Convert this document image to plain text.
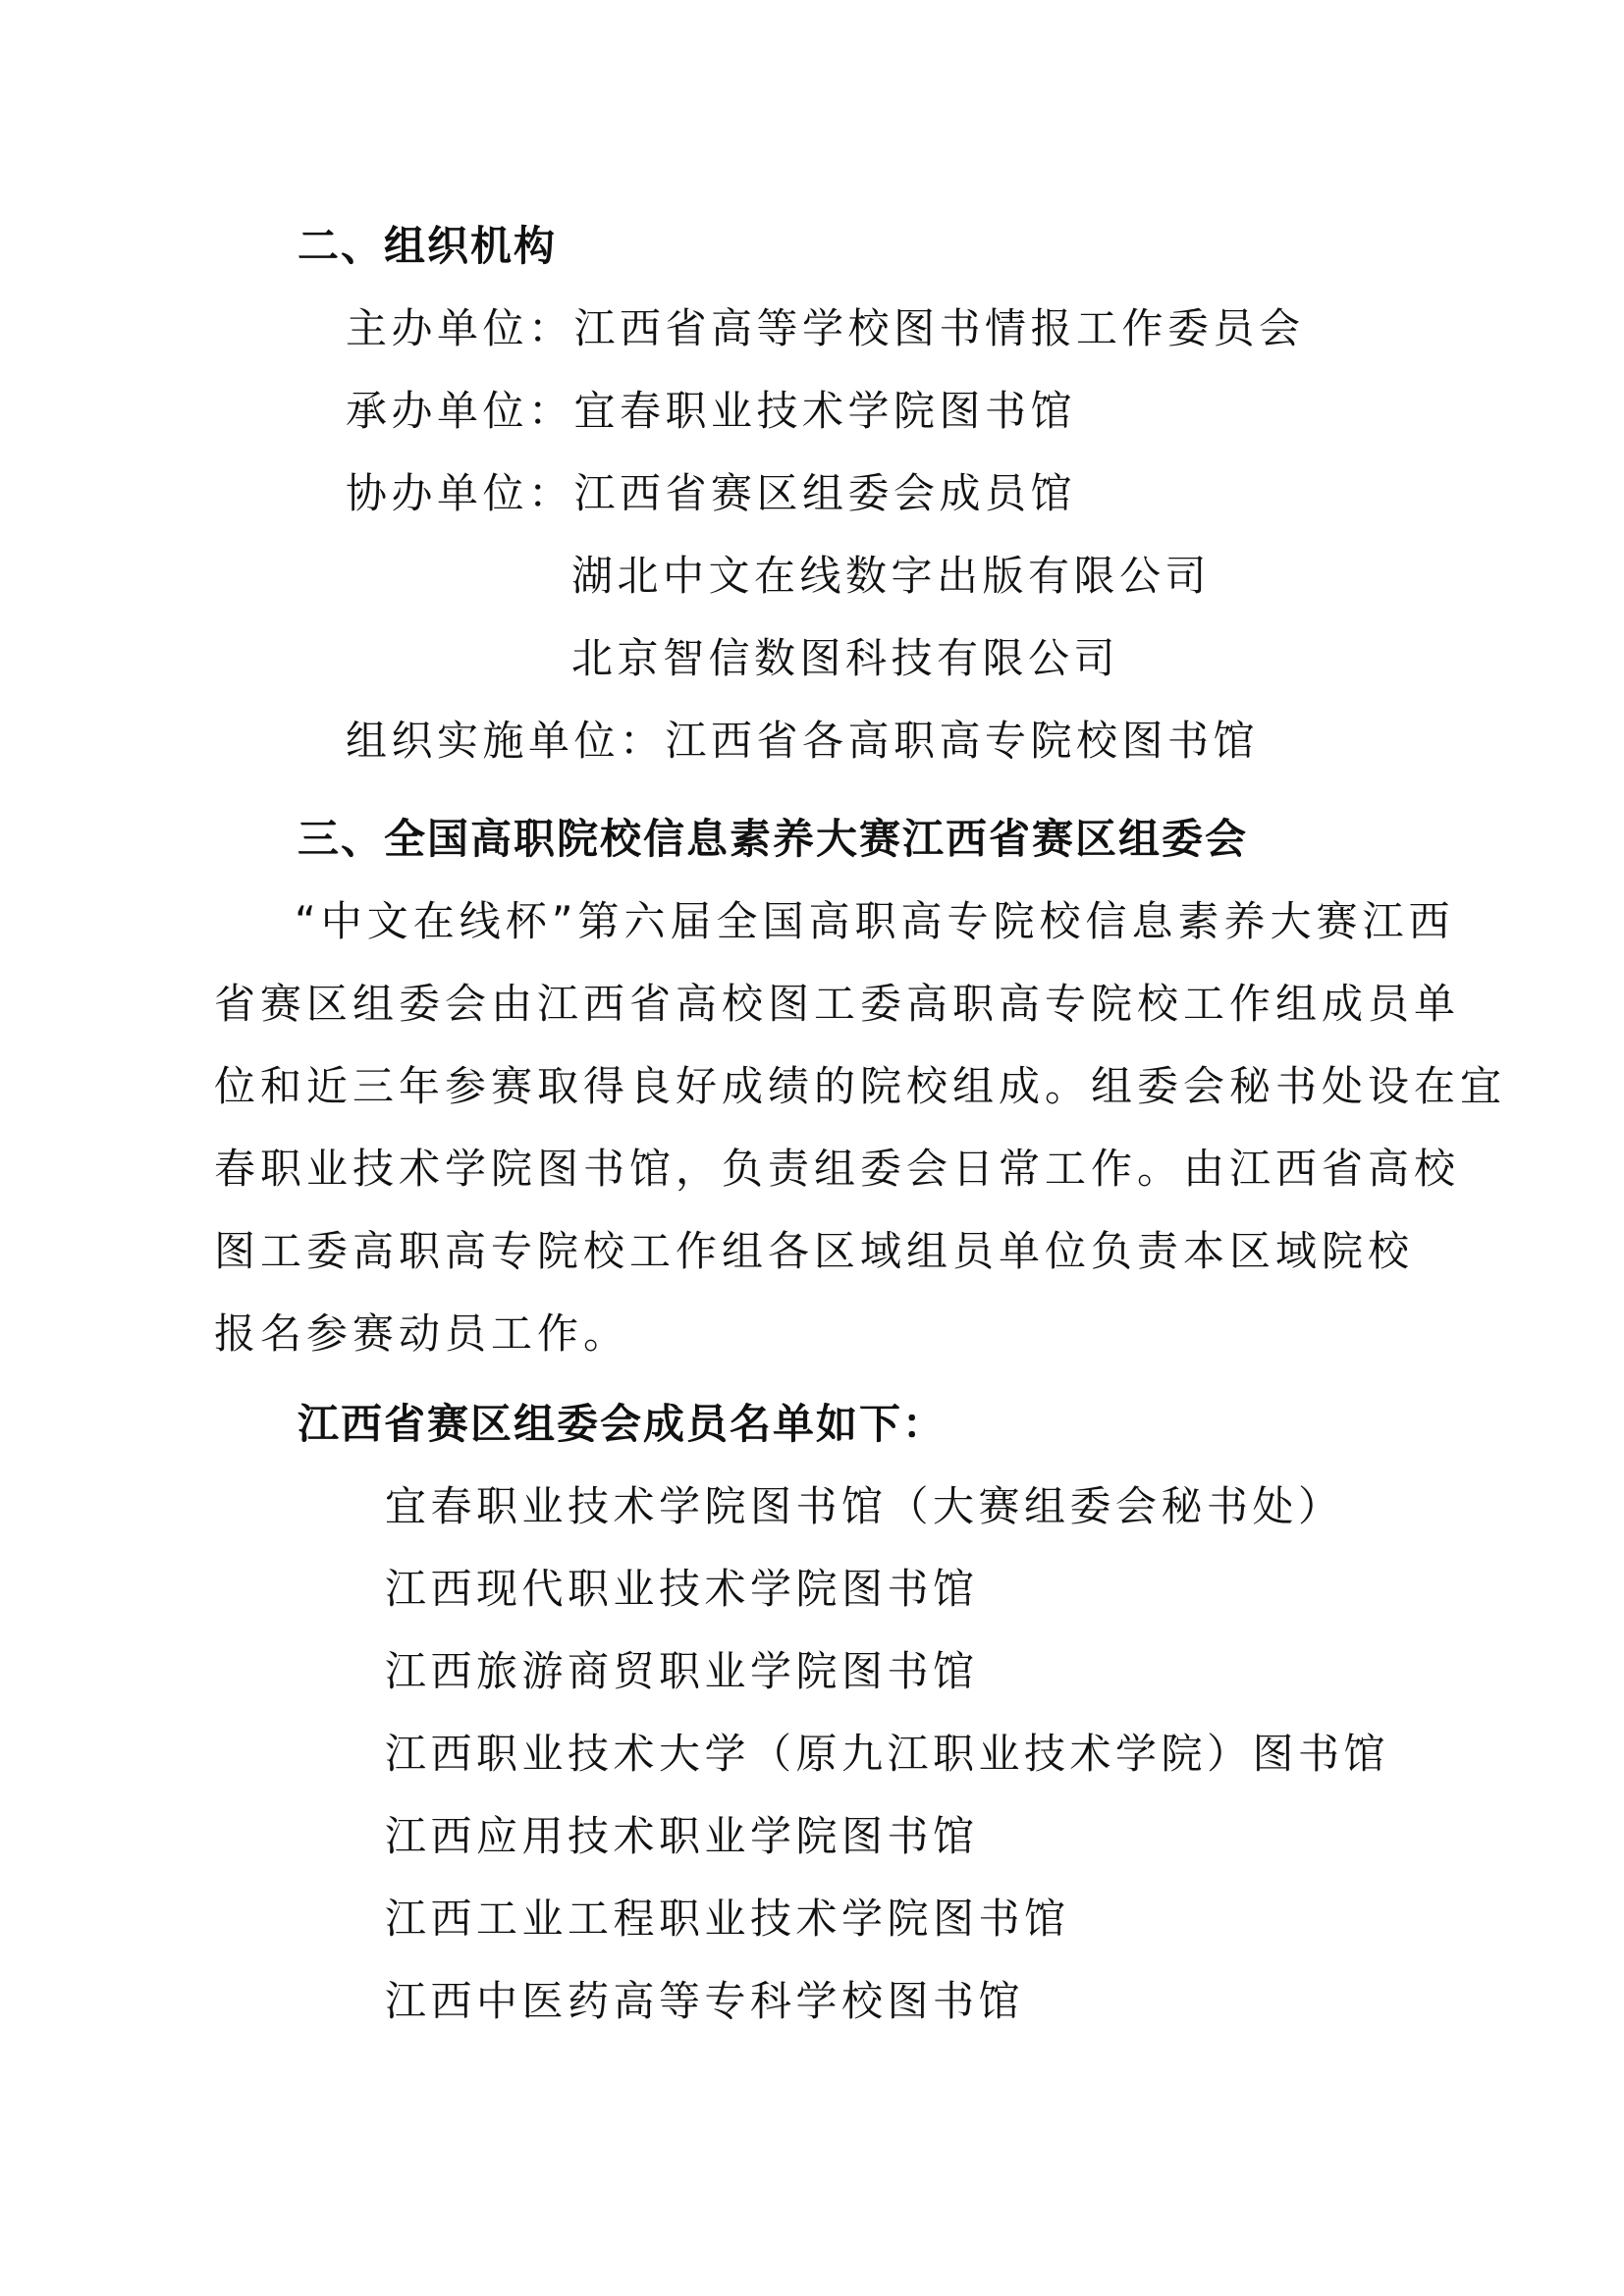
二、组织机构
主办单位：江西省高等学校图书情报工作委员会
承办单位：宜春职业技术学院图书馆
协办单位：江西省赛区组委会成员馆
湖北中文在线数字出版有限公司
北京智信数图科技有限公司
组织实施单位：江西省各高职高专院校图书馆
三、全国高职院校信息素养大赛江西省赛区组委会
“中文在线杯”第六届全国高职高专院校信息素养大赛江西
省赛区组委会由江西省高校图工委高职高专院校工作组成员单
位和近三年参赛取得良好成绩的院校组成。组委会秘书处设在宜
春职业技术学院图书馆，负责组委会日常工作。由江西省高校
图工委高职高专院校工作组各区域组员单位负责本区域院校
报名参赛动员工作。
江西省赛区组委会成员名单如下：
宜春职业技术学院图书馆（大赛组委会秘书处）
江西现代职业技术学院图书馆
江西旅游商贸职业学院图书馆
江西职业技术大学（原九江职业技术学院）图书馆
江西应用技术职业学院图书馆
江西工业工程职业技术学院图书馆
江西中医药高等专科学校图书馆
